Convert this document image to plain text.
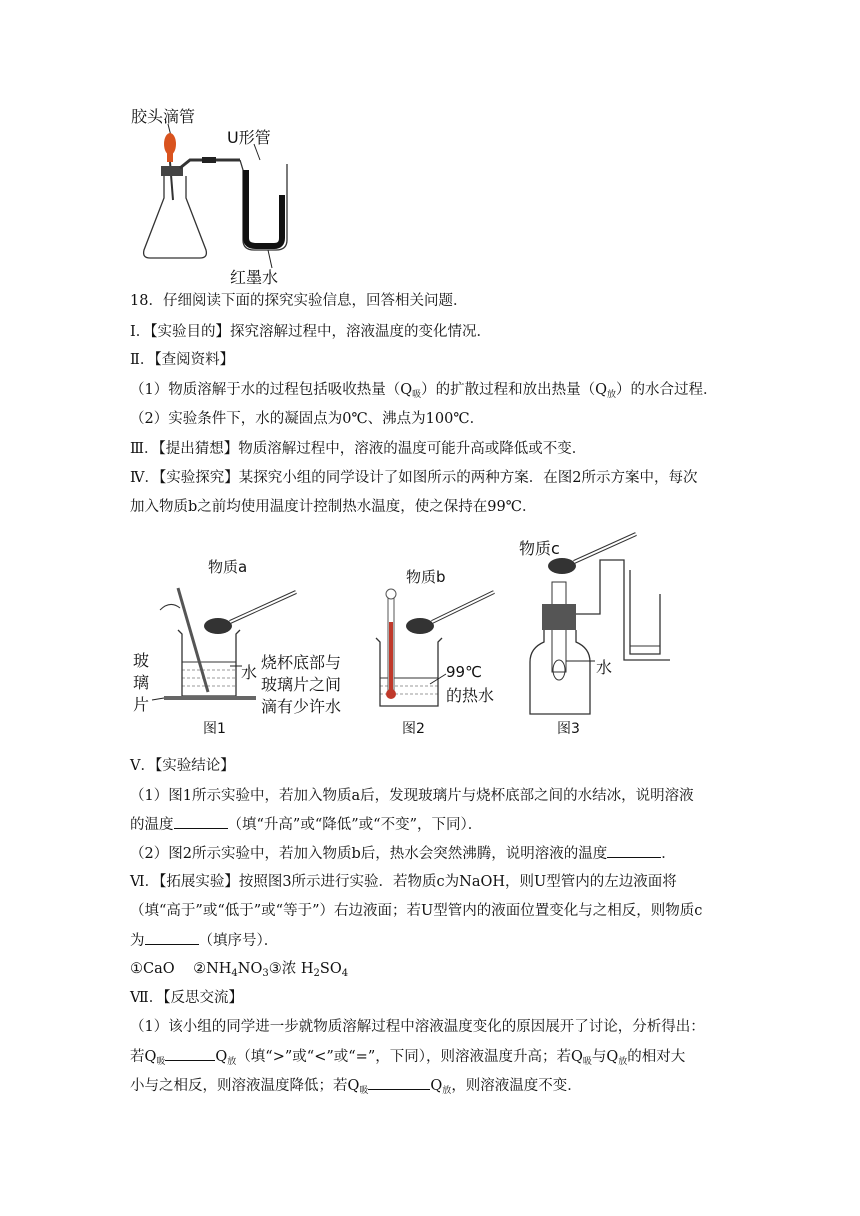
胶头滴管
U形管
红墨水
18．仔细阅读下面的探究实验信息，回答相关问题．
Ⅰ．【实验目的】探究溶解过程中，溶液温度的变化情况．
Ⅱ．【查阅资料】
（1）物质溶解于水的过程包括吸收热量$(Q_吸)$的扩散过程和放出热量$(Q_放)$的水合过程．
（2）实验条件下，水的凝固点为0℃、沸点为100℃．
Ⅲ．【提出猜想】物质溶解过程中，溶液的温度可能升高或降低或不变．
Ⅳ．【实验探究】某探究小组的同学设计了如图所示的两种方案．在图2所示方案中，每次
加入物质b之前均使用温度计控制热水温度，使之保持在99℃．
物质a
物质b
物质c
玻
璃
片
水
烧杯底部与
玻璃片之间
滴有少许水
99℃
的热水
水
图1	图2	图3
Ⅴ．【实验结论】
（1）图1所示实验中，若加入物质a后，发现玻璃片与烧杯底部之间的水结冰，说明溶液
的温度	（填“升高”或“降低”或“不变”，下同）．
（2）图2所示实验中，若加入物质b后，热水会突然沸腾，说明溶液的温度	．
Ⅵ．【拓展实验】按照图3所示进行实验．若物质c为NaOH，则U型管内的左边液面将
（填“高于”或“低于”或“等于”）右边液面；若U型管内的液面位置变化与之相反，则物质c
为	（填序号）．
①CaO $②NH_4NO_3③$浓 $H_2SO_4$
Ⅶ．【反思交流】
（1）该小组的同学进一步就物质溶解过程中溶液温度变化的原因展开了讨论，分析得出：
若$Q_吸$	$Q_放$（填“>”或“<”或“=”，下同），则溶液温度升高；若$Q_吸$与$Q_放$的相对大
小与之相反，则溶液温度降低；若$Q_吸$	$Q_放$，则溶液温度不变．
